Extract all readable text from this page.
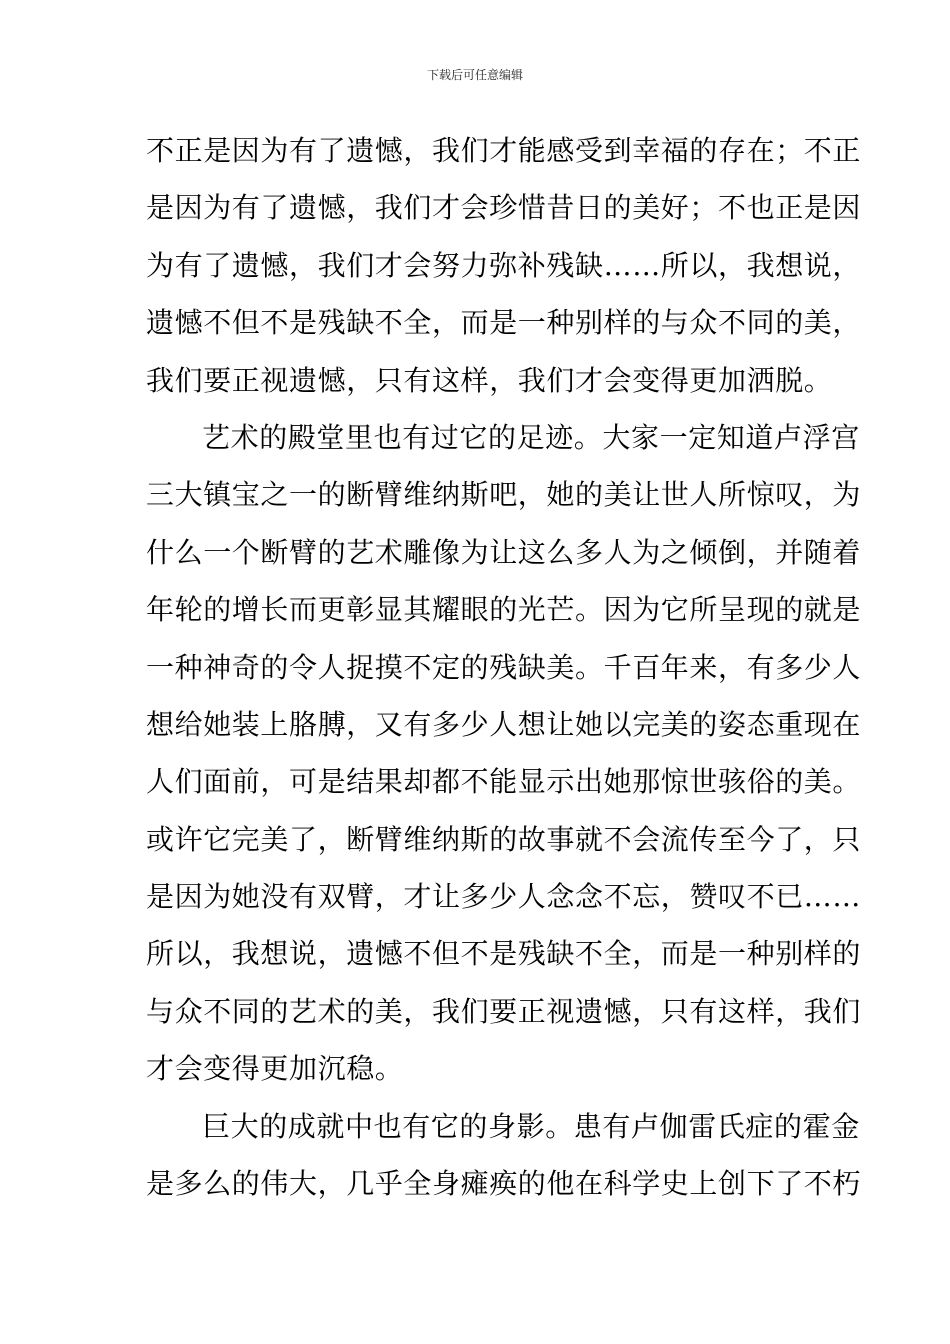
下载后可任意编辑
不正是因为有了遗憾，我们才能感受到幸福的存在；不正
是因为有了遗憾，我们才会珍惜昔日的美好；不也正是因
为有了遗憾，我们才会努力弥补残缺……所以，我想说，
遗憾不但不是残缺不全，而是一种别样的与众不同的美，
我们要正视遗憾，只有这样，我们才会变得更加洒脱。
艺术的殿堂里也有过它的足迹。大家一定知道卢浮宫
三大镇宝之一的断臂维纳斯吧，她的美让世人所惊叹，为
什么一个断臂的艺术雕像为让这么多人为之倾倒，并随着
年轮的增长而更彰显其耀眼的光芒。因为它所呈现的就是
一种神奇的令人捉摸不定的残缺美。千百年来，有多少人
想给她装上胳膊，又有多少人想让她以完美的姿态重现在
人们面前，可是结果却都不能显示出她那惊世骇俗的美。
或许它完美了，断臂维纳斯的故事就不会流传至今了，只
是因为她没有双臂，才让多少人念念不忘，赞叹不已……
所以，我想说，遗憾不但不是残缺不全，而是一种别样的
与众不同的艺术的美，我们要正视遗憾，只有这样，我们
才会变得更加沉稳。
巨大的成就中也有它的身影。患有卢伽雷氏症的霍金
是多么的伟大，几乎全身瘫痪的他在科学史上创下了不朽
